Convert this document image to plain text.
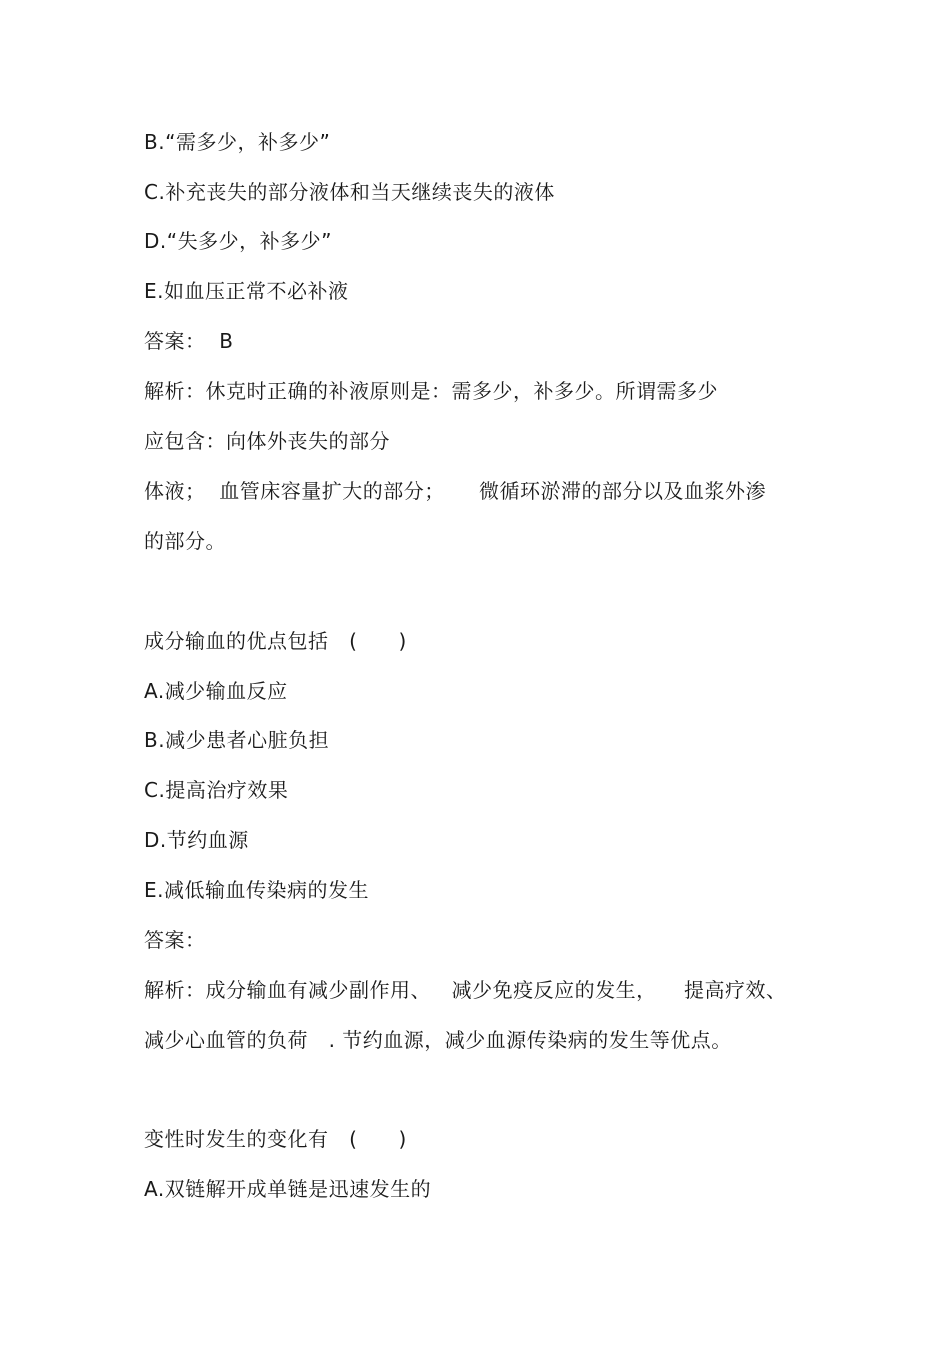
B.“需多少，补多少”
C.补充丧失的部分液体和当天继续丧失的液体
D.“失多少，补多少”
E.如血压正常不必补液
答案：  B
解析：休克时正确的补液原则是：需多少，补多少。所谓需多少
应包含：向体外丧失的部分
体液；  血管床容量扩大的部分；     微循环淤滞的部分以及血浆外渗
的部分。
成分输血的优点包括   (      )
A.减少输血反应
B.减少患者心脏负担
C.提高治疗效果
D.节约血源
E.减低输血传染病的发生
答案：
解析：成分输血有减少副作用、   减少免疫反应的发生，    提高疗效、
减少心血管的负荷   . 节约血源，减少血源传染病的发生等优点。
变性时发生的变化有   (      )
A.双链解开成单链是迅速发生的
